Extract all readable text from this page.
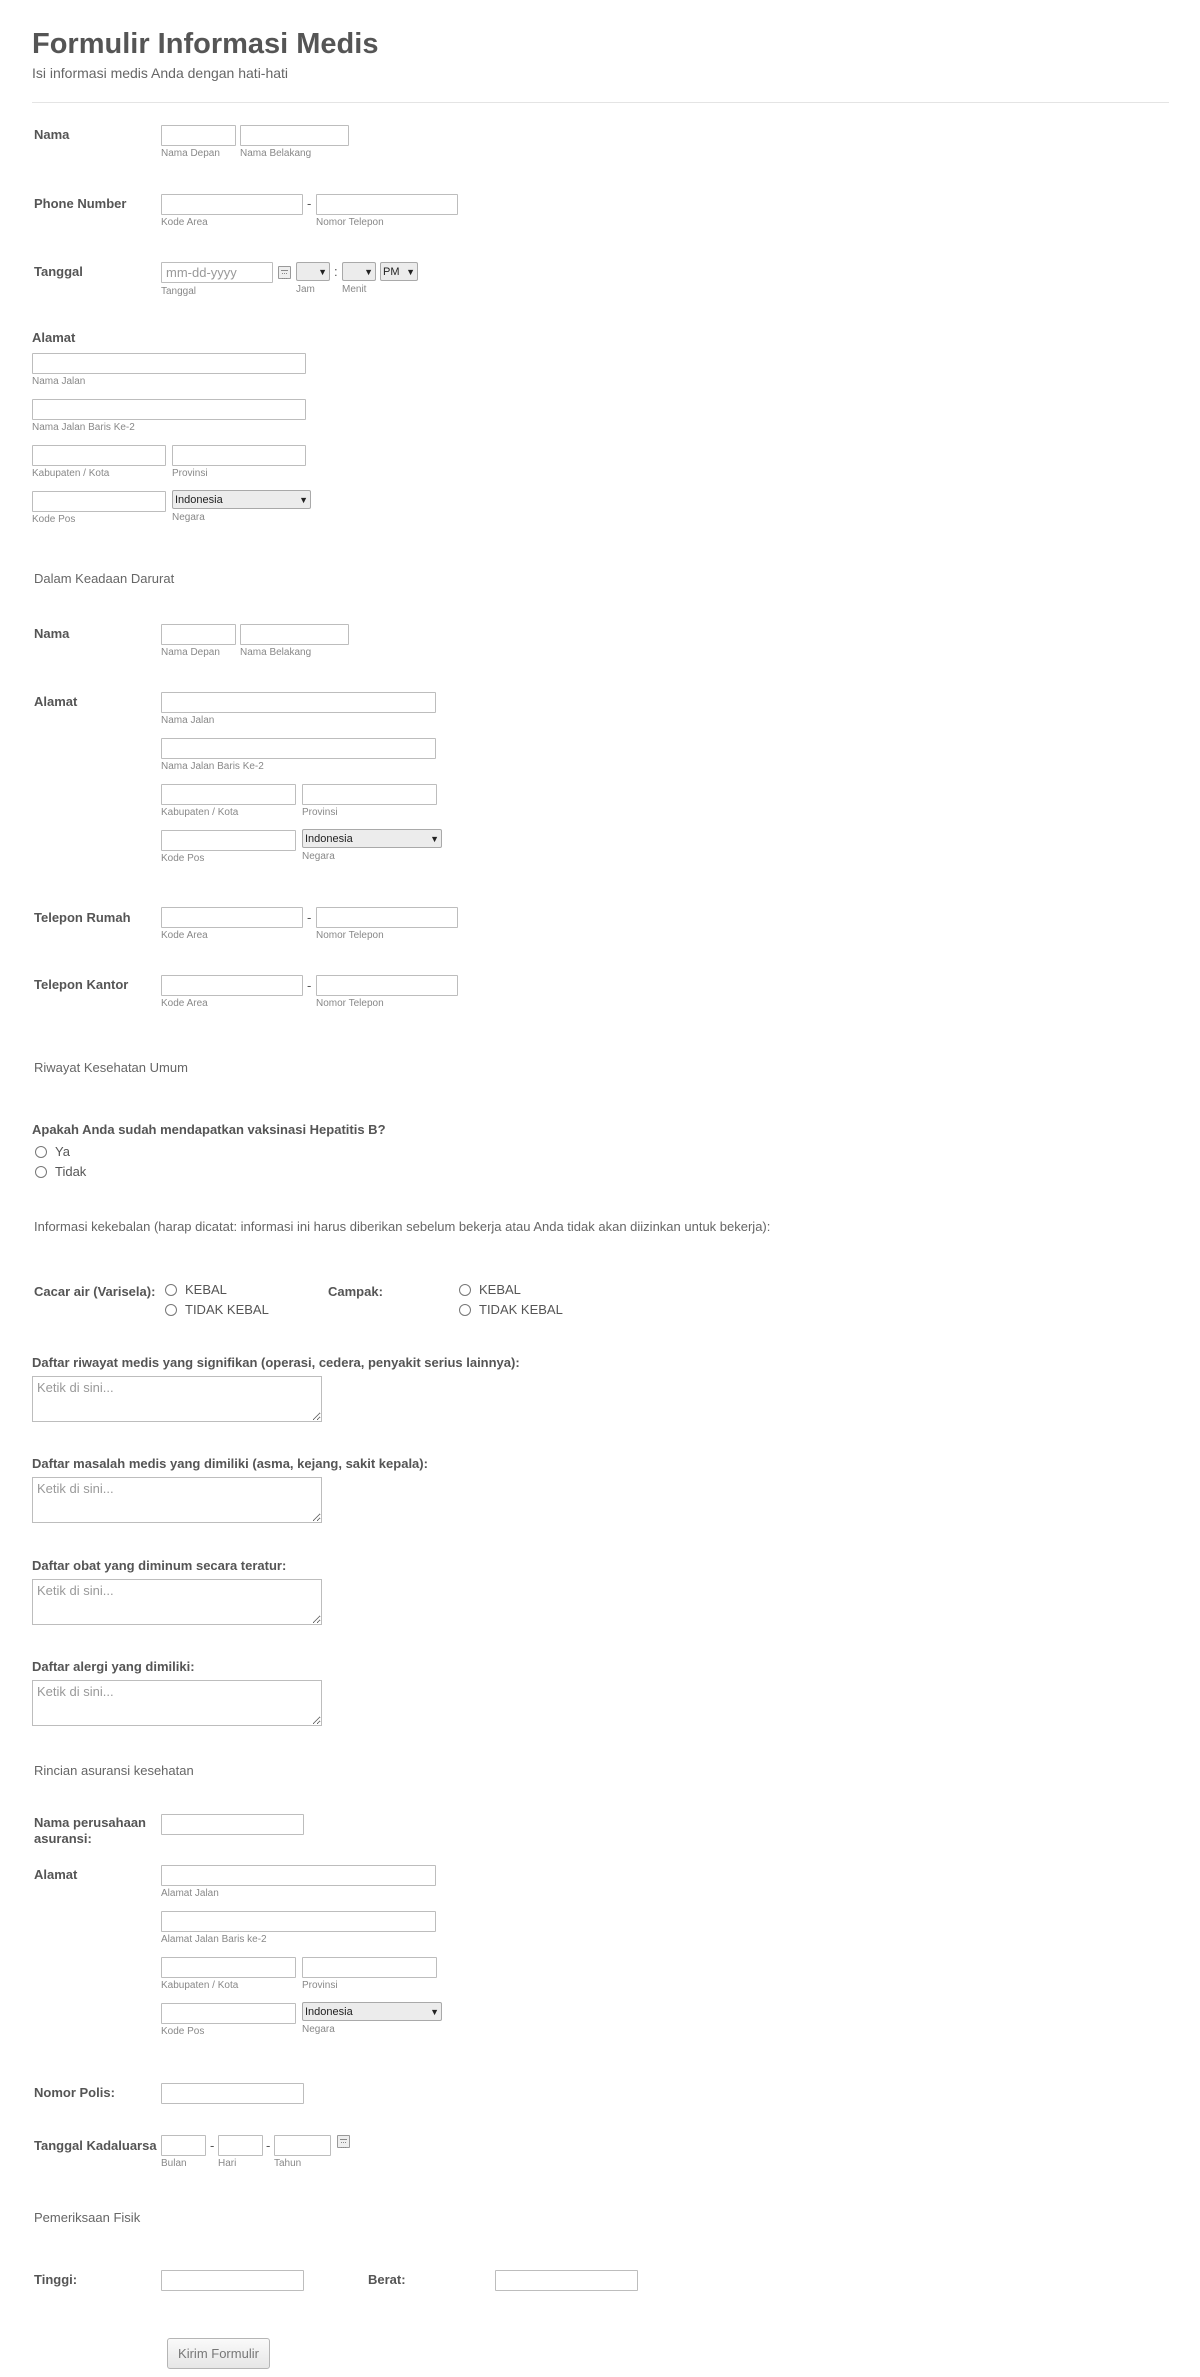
Formulir Informasi Medis
Isi informasi medis Anda dengan hati-hati
Nama
Nama Depan Nama Belakang
Phone Number	-
Kode Area	Nomor Telepon
Tanggal
mm-dd-yyyy	▼ :	▼ PM ▼
Tanggal	Jam	Menit
Alamat
Nama Jalan
Nama Jalan Baris Ke-2
Kabupaten / Kota	Provinsi
Indonesia	▼
Kode Pos	Negara
Dalam Keadaan Darurat
Nama
Nama Depan Nama Belakang
Alamat
Nama Jalan
Nama Jalan Baris Ke-2
Kabupaten / Kota	Provinsi
Indonesia	▼
Kode Pos	Negara
Telepon Rumah	-
Kode Area	Nomor Telepon
Telepon Kantor	-
Kode Area	Nomor Telepon
Riwayat Kesehatan Umum
Apakah Anda sudah mendapatkan vaksinasi Hepatitis B?
Ya
Tidak
Informasi kekebalan (harap dicatat: informasi ini harus diberikan sebelum bekerja atau Anda tidak akan diizinkan untuk bekerja):
Cacar air (Varisela): KEBAL
TIDAK KEBAL
Campak:	KEBAL
TIDAK KEBAL
Daftar riwayat medis yang signifikan (operasi, cedera, penyakit serius lainnya):
Ketik di sini...
Daftar masalah medis yang dimiliki (asma, kejang, sakit kepala):
Ketik di sini...
Daftar obat yang diminum secara teratur:
Ketik di sini...
Daftar alergi yang dimiliki:
Ketik di sini...
Rincian asuransi kesehatan
Nama perusahaan asuransi:
Alamat
Alamat Jalan
Alamat Jalan Baris ke-2
Kabupaten / Kota	Provinsi
Indonesia	▼
Kode Pos	Negara
Nomor Polis:
Tanggal Kadaluarsa	-	-
Bulan	Hari	Tahun
Pemeriksaan Fisik
Tinggi:	Berat:
Kirim Formulir
